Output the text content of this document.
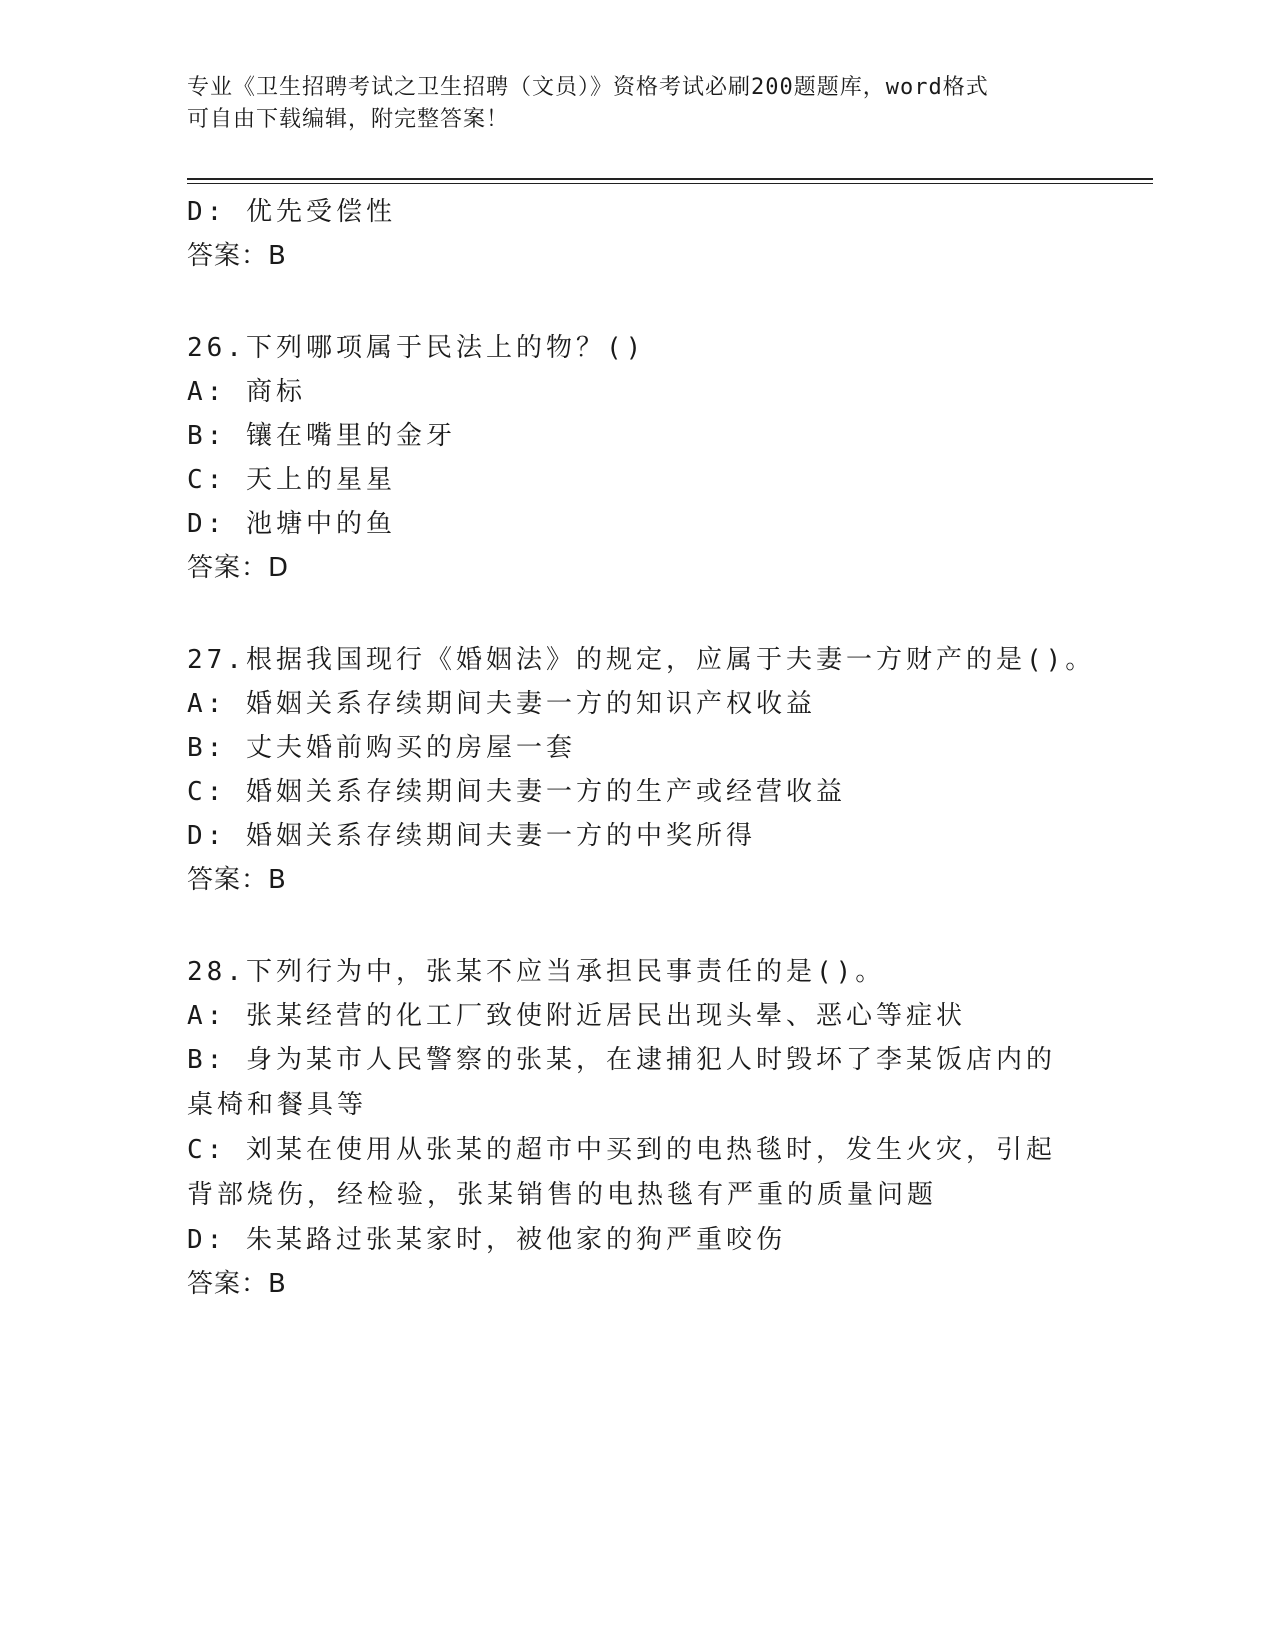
专业《卫生招聘考试之卫生招聘（文员）》资格考试必刷200题题库，word格式
可自由下载编辑，附完整答案！
D: 优先受偿性
答案：B
26.下列哪项属于民法上的物？()
A: 商标
B: 镶在嘴里的金牙
C: 天上的星星
D: 池塘中的鱼
答案：D
27.根据我国现行《婚姻法》的规定，应属于夫妻一方财产的是()。
A: 婚姻关系存续期间夫妻一方的知识产权收益
B: 丈夫婚前购买的房屋一套
C: 婚姻关系存续期间夫妻一方的生产或经营收益
D: 婚姻关系存续期间夫妻一方的中奖所得
答案：B
28.下列行为中，张某不应当承担民事责任的是()。
A: 张某经营的化工厂致使附近居民出现头晕、恶心等症状
B: 身为某市人民警察的张某，在逮捕犯人时毁坏了李某饭店内的桌椅和餐具等
C: 刘某在使用从张某的超市中买到的电热毯时，发生火灾，引起背部烧伤，经检验，张某销售的电热毯有严重的质量问题
D: 朱某路过张某家时，被他家的狗严重咬伤
答案：B
